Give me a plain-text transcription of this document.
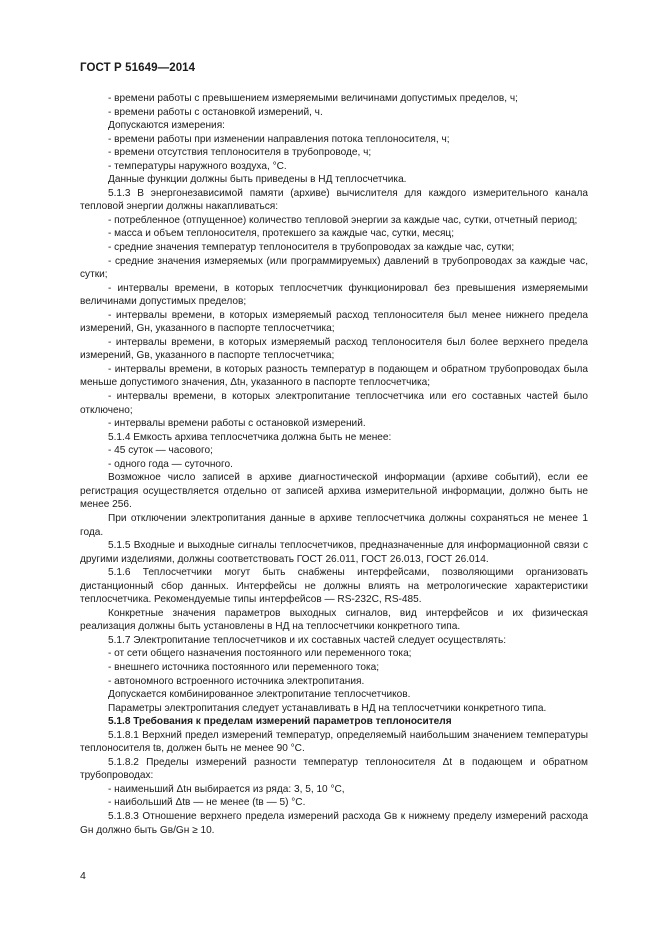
ГОСТ Р 51649—2014

- времени работы с превышением измеряемыми величинами допустимых пределов, ч;

- времени работы с остановкой измерений, ч.

Допускаются измерения:

- времени работы при изменении направления потока теплоносителя, ч;

- времени отсутствия теплоносителя в трубопроводе, ч;

- температуры наружного воздуха, °С.

Данные функции должны быть приведены в НД теплосчетчика.

5.1.3 В энергонезависимой памяти (архиве) вычислителя для каждого измерительного канала тепловой энергии должны накапливаться:

- потребленное (отпущенное) количество тепловой энергии за каждые час, сутки, отчетный период;

- масса и объем теплоносителя, протекшего за каждые час, сутки, месяц;

- средние значения температур теплоносителя в трубопроводах за каждые час, сутки;

- средние значения измеряемых (или программируемых) давлений в трубопроводах за каждые час, сутки;

- интервалы времени, в которых теплосчетчик функционировал без превышения измеряемыми величинами допустимых пределов;

- интервалы времени, в которых измеряемый расход теплоносителя был менее нижнего предела измерений, Gн, указанного в паспорте теплосчетчика;

- интервалы времени, в которых измеряемый расход теплоносителя был более верхнего предела измерений, Gв, указанного в паспорте теплосчетчика;

- интервалы времени, в которых разность температур в подающем и обратном трубопроводах была меньше допустимого значения, Δtн, указанного в паспорте теплосчетчика;

- интервалы времени, в которых электропитание теплосчетчика или его составных частей было отключено;

- интервалы времени работы с остановкой измерений.

5.1.4 Емкость архива теплосчетчика должна быть не менее:

- 45 суток — часового;

- одного года — суточного.

Возможное число записей в архиве диагностической информации (архиве событий), если ее регистрация осуществляется отдельно от записей архива измерительной информации, должно быть не менее 256.

При отключении электропитания данные в архиве теплосчетчика должны сохраняться не менее 1 года.

5.1.5 Входные и выходные сигналы теплосчетчиков, предназначенные для информационной связи с другими изделиями, должны соответствовать ГОСТ 26.011, ГОСТ 26.013, ГОСТ 26.014.

5.1.6 Теплосчетчики могут быть снабжены интерфейсами, позволяющими организовать дистанционный сбор данных. Интерфейсы не должны влиять на метрологические характеристики теплосчетчика. Рекомендуемые типы интерфейсов — RS-232C, RS-485.

Конкретные значения параметров выходных сигналов, вид интерфейсов и их физическая реализация должны быть установлены в НД на теплосчетчики конкретного типа.

5.1.7 Электропитание теплосчетчиков и их составных частей следует осуществлять:

- от сети общего назначения постоянного или переменного тока;

- внешнего источника постоянного или переменного тока;

- автономного встроенного источника электропитания.

Допускается комбинированное электропитание теплосчетчиков.

Параметры электропитания следует устанавливать в НД на теплосчетчики конкретного типа.

5.1.8 Требования к пределам измерений параметров теплоносителя

5.1.8.1 Верхний предел измерений температур, определяемый наибольшим значением температуры теплоносителя tв, должен быть не менее 90 °С.

5.1.8.2 Пределы измерений разности температур теплоносителя Δt в подающем и обратном трубопроводах:

- наименьший Δtн выбирается из ряда: 3, 5, 10 °С,

- наибольший Δtв — не менее (tв — 5) °С.

5.1.8.3 Отношение верхнего предела измерений расхода Gв к нижнему пределу измерений расхода Gн должно быть Gв/Gн ≥ 10.

4
